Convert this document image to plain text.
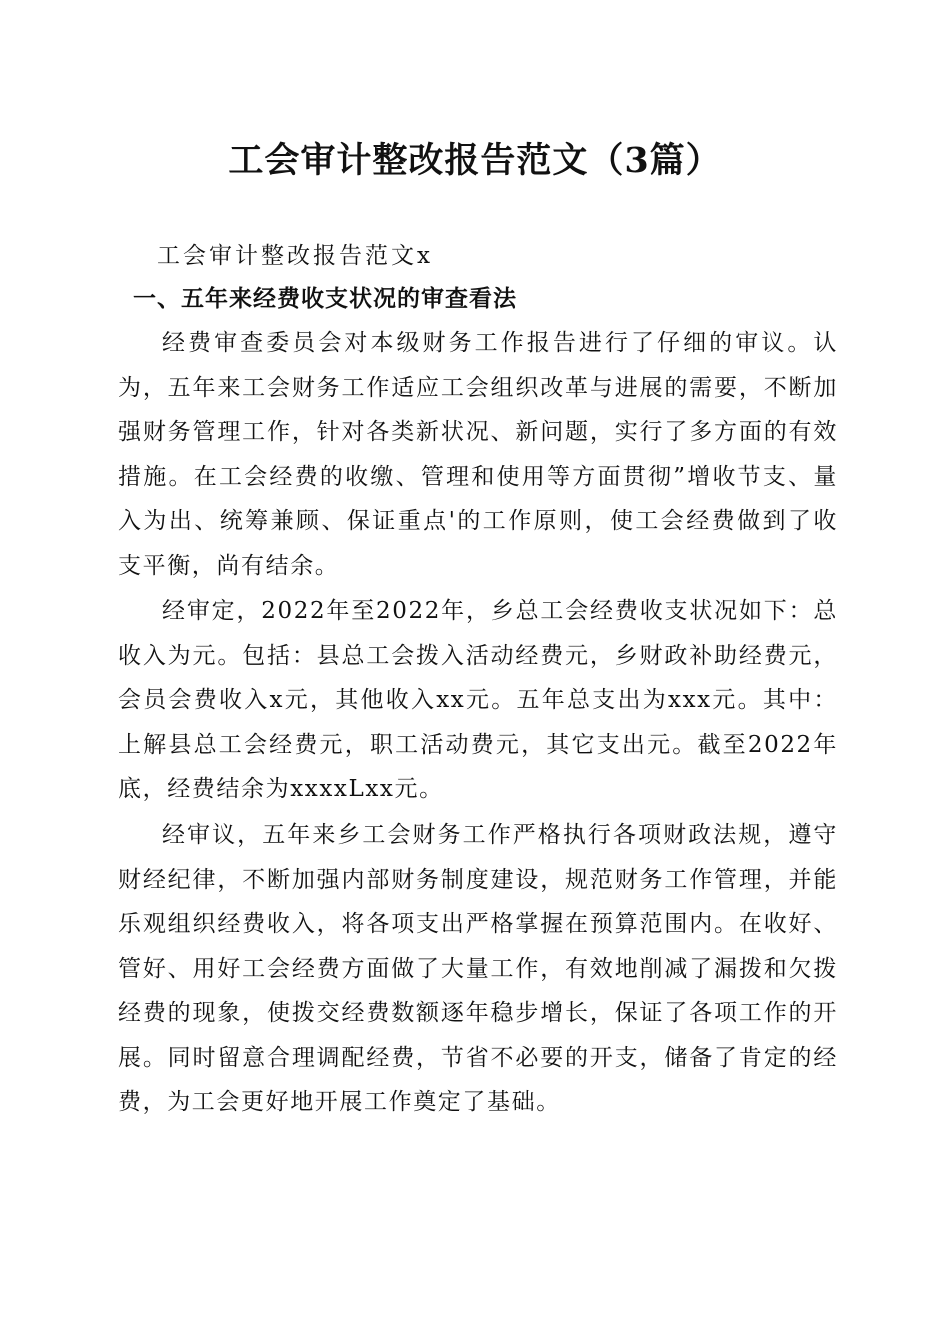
工会审计整改报告范文（3篇）
工会审计整改报告范文x
一、五年来经费收支状况的审查看法

经费审查委员会对本级财务工作报告进行了仔细的审议。认为，五年来工会财务工作适应工会组织改革与进展的需要，不断加强财务管理工作，针对各类新状况、新问题，实行了多方面的有效措施。在工会经费的收缴、管理和使用等方面贯彻”增收节支、量入为出、统筹兼顾、保证重点'的工作原则，使工会经费做到了收支平衡，尚有结余。

经审定，2022年至2022年，乡总工会经费收支状况如下：总收入为元。包括：县总工会拨入活动经费元，乡财政补助经费元，会员会费收入x元，其他收入xx元。五年总支出为xxx元。其中：上解县总工会经费元，职工活动费元，其它支出元。截至2022年底，经费结余为xxxxLxx元。

经审议，五年来乡工会财务工作严格执行各项财政法规，遵守财经纪律，不断加强内部财务制度建设，规范财务工作管理，并能乐观组织经费收入，将各项支出严格掌握在预算范围内。在收好、管好、用好工会经费方面做了大量工作，有效地削减了漏拨和欠拨经费的现象，使拨交经费数额逐年稳步增长，保证了各项工作的开展。同时留意合理调配经费，节省不必要的开支，储备了肯定的经费，为工会更好地开展工作奠定了基础。
